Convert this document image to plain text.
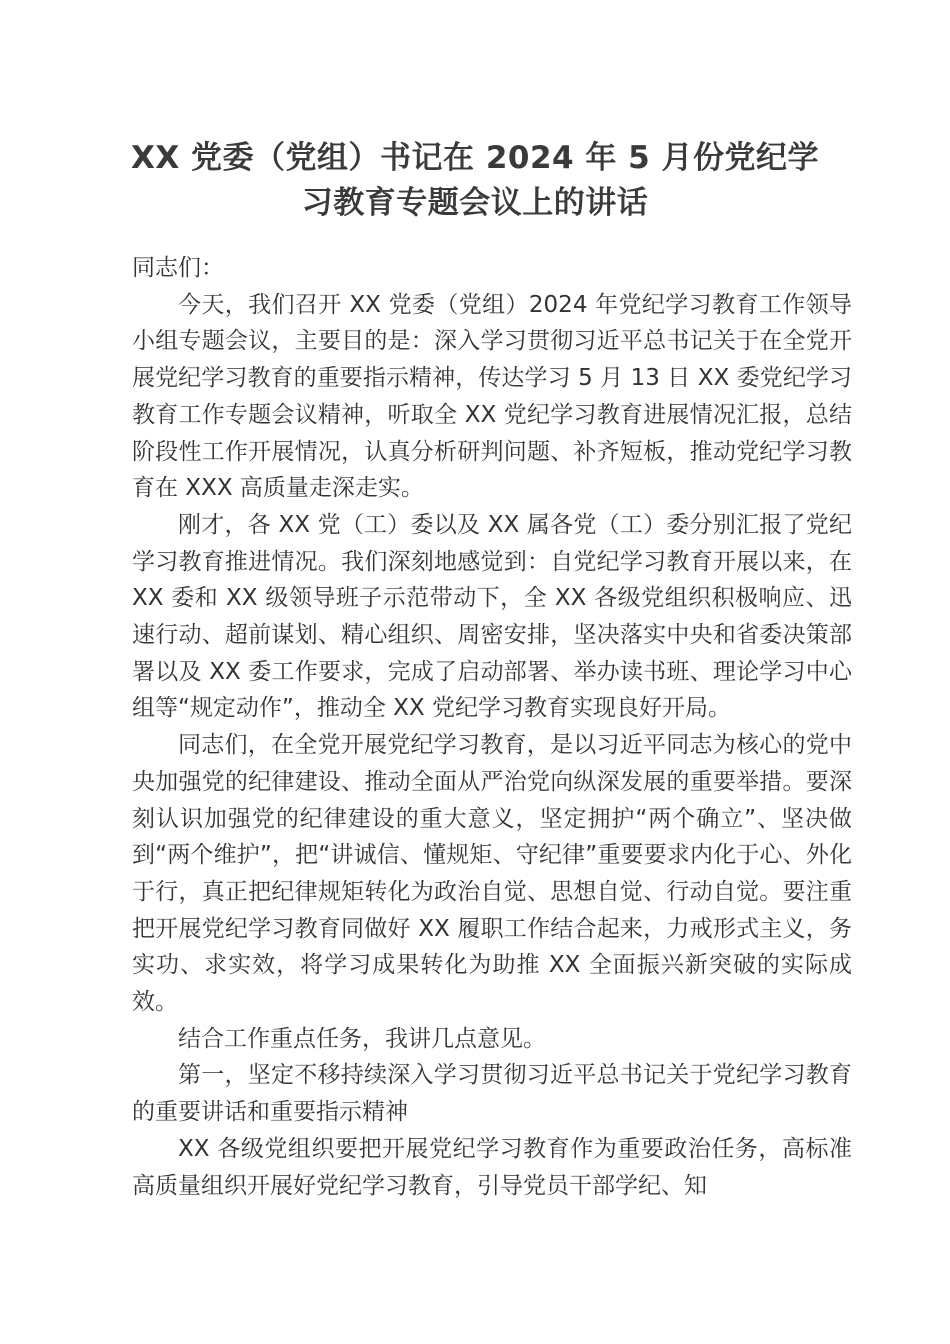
XX 党委（党组）书记在 2024 年 5 月份党纪学习教育专题会议上的讲话

同志们：

今天，我们召开 XX 党委（党组）2024 年党纪学习教育工作领导小组专题会议，主要目的是：深入学习贯彻习近平总书记关于在全党开展党纪学习教育的重要指示精神，传达学习 5 月 13 日 XX 委党纪学习教育工作专题会议精神，听取全 XX 党纪学习教育进展情况汇报，总结阶段性工作开展情况，认真分析研判问题、补齐短板，推动党纪学习教育在 XXX 高质量走深走实。

刚才，各 XX 党（工）委以及 XX 属各党（工）委分别汇报了党纪学习教育推进情况。我们深刻地感觉到：自党纪学习教育开展以来，在 XX 委和 XX 级领导班子示范带动下，全 XX 各级党组织积极响应、迅速行动、超前谋划、精心组织、周密安排，坚决落实中央和省委决策部署以及 XX 委工作要求，完成了启动部署、举办读书班、理论学习中心组等“规定动作”，推动全 XX 党纪学习教育实现良好开局。

同志们，在全党开展党纪学习教育，是以习近平同志为核心的党中央加强党的纪律建设、推动全面从严治党向纵深发展的重要举措。要深刻认识加强党的纪律建设的重大意义，坚定拥护“两个确立”、坚决做到“两个维护”，把“讲诚信、懂规矩、守纪律”重要要求内化于心、外化于行，真正把纪律规矩转化为政治自觉、思想自觉、行动自觉。要注重把开展党纪学习教育同做好 XX 履职工作结合起来，力戒形式主义，务实功、求实效，将学习成果转化为助推 XX 全面振兴新突破的实际成效。

结合工作重点任务，我讲几点意见。

第一，坚定不移持续深入学习贯彻习近平总书记关于党纪学习教育的重要讲话和重要指示精神

XX 各级党组织要把开展党纪学习教育作为重要政治任务，高标准高质量组织开展好党纪学习教育，引导党员干部学纪、知
